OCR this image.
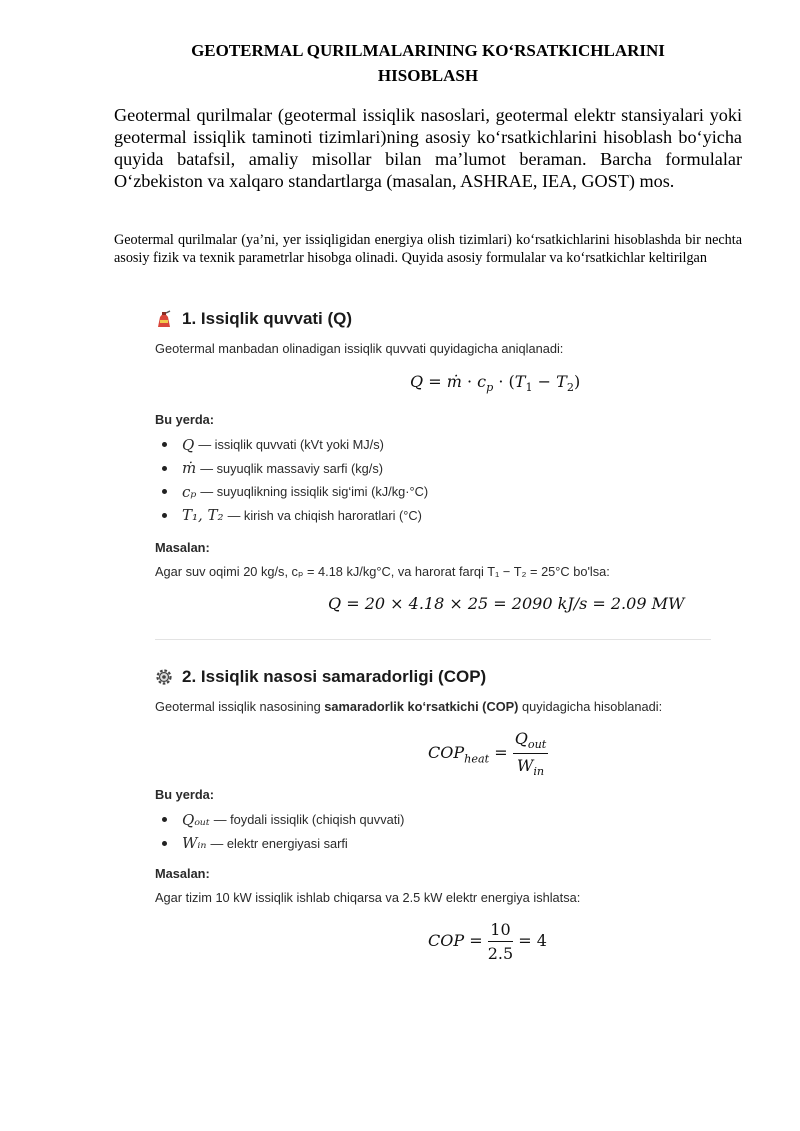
GEOTERMAL QURILMALARINING KO‘RSATKICHLARINI
HISOBLASH
Geotermal qurilmalar (geotermal issiqlik nasoslari, geotermal elektr stansiyalari yoki geotermal issiqlik taminoti tizimlari)ning asosiy ko‘rsatkichlarini hisoblash bo‘yicha quyida batafsil, amaliy misollar bilan ma’lumot beraman. Barcha formulalar O‘zbekiston va xalqaro standartlarga (masalan, ASHRAE, IEA, GOST) mos.
Geotermal qurilmalar (ya’ni, yer issiqligidan energiya olish tizimlari) ko‘rsatkichlarini hisoblashda bir nechta asosiy fizik va texnik parametrlar hisobga olinadi. Quyida asosiy formulalar va ko‘rsatkichlar keltirilgan
1. Issiqlik quvvati (Q)
Geotermal manbadan olinadigan issiqlik quvvati quyidagicha aniqlanadi:
Q = ṁ · $c_p \cdot (T_1 - T_2)$
Bu yerda:
Q — issiqlik quvvati (kVt yoki MJ/s)
ṁ — suyuqlik massaviy sarfi (kg/s)
cₚ — suyuqlikning issiqlik sig‘imi (kJ/kg·°C)
T₁, T₂ — kirish va chiqish haroratlari (°C)
Masalan:
Agar suv oqimi 20 kg/s, cₚ = 4.18 kJ/kg°C, va harorat farqi T₁ − T₂ = 25°C bo'lsa:
Q = 20 × 4.18 × 25 = 2090 kJ/s = 2.09 MW
2. Issiqlik nasosi samaradorligi (COP)
Geotermal issiqlik nasosining samaradorlik ko‘rsatkichi (COP) quyidagicha hisoblanadi:
$COP_{heat} = \frac{Q_{out}}{W_{in}}$
Bu yerda:
Qₒᵤₜ — foydali issiqlik (chiqish quvvati)
Wᵢₙ — elektr energiyasi sarfi
Masalan:
Agar tizim 10 kW issiqlik ishlab chiqarsa va 2.5 kW elektr energiya ishlatsa:
COP = $\frac{10}{2.5} = 4$
